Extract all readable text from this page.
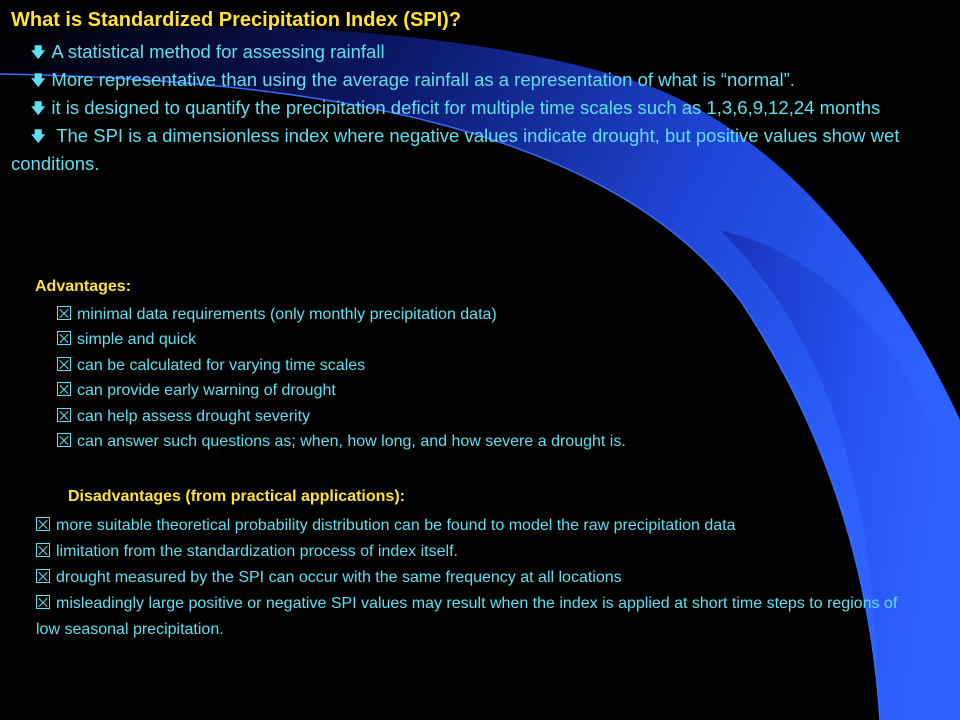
What is Standardized Precipitation Index (SPI)?
🡇 A statistical method for assessing rainfall
🡇 More representative than using the average rainfall as a representation of what is “normal”.
🡇 it is designed to quantify the precipitation deficit for multiple time scales such as 1,3,6,9,12,24 months
🡇 The SPI is a dimensionless index where negative values indicate drought, but positive values show wet conditions.
Advantages:
minimal data requirements (only monthly precipitation data)
simple and quick
can be calculated for varying time scales
can provide early warning of drought
can help assess drought severity
can answer such questions as; when, how long, and how severe a drought is.
Disadvantages (from practical applications):
more suitable theoretical probability distribution can be found to model the raw precipitation data
limitation from the standardization process of index itself.
drought measured by the SPI can occur with the same frequency at all locations
misleadingly large positive or negative SPI values may result when the index is applied at short time steps to regions of low seasonal precipitation.
